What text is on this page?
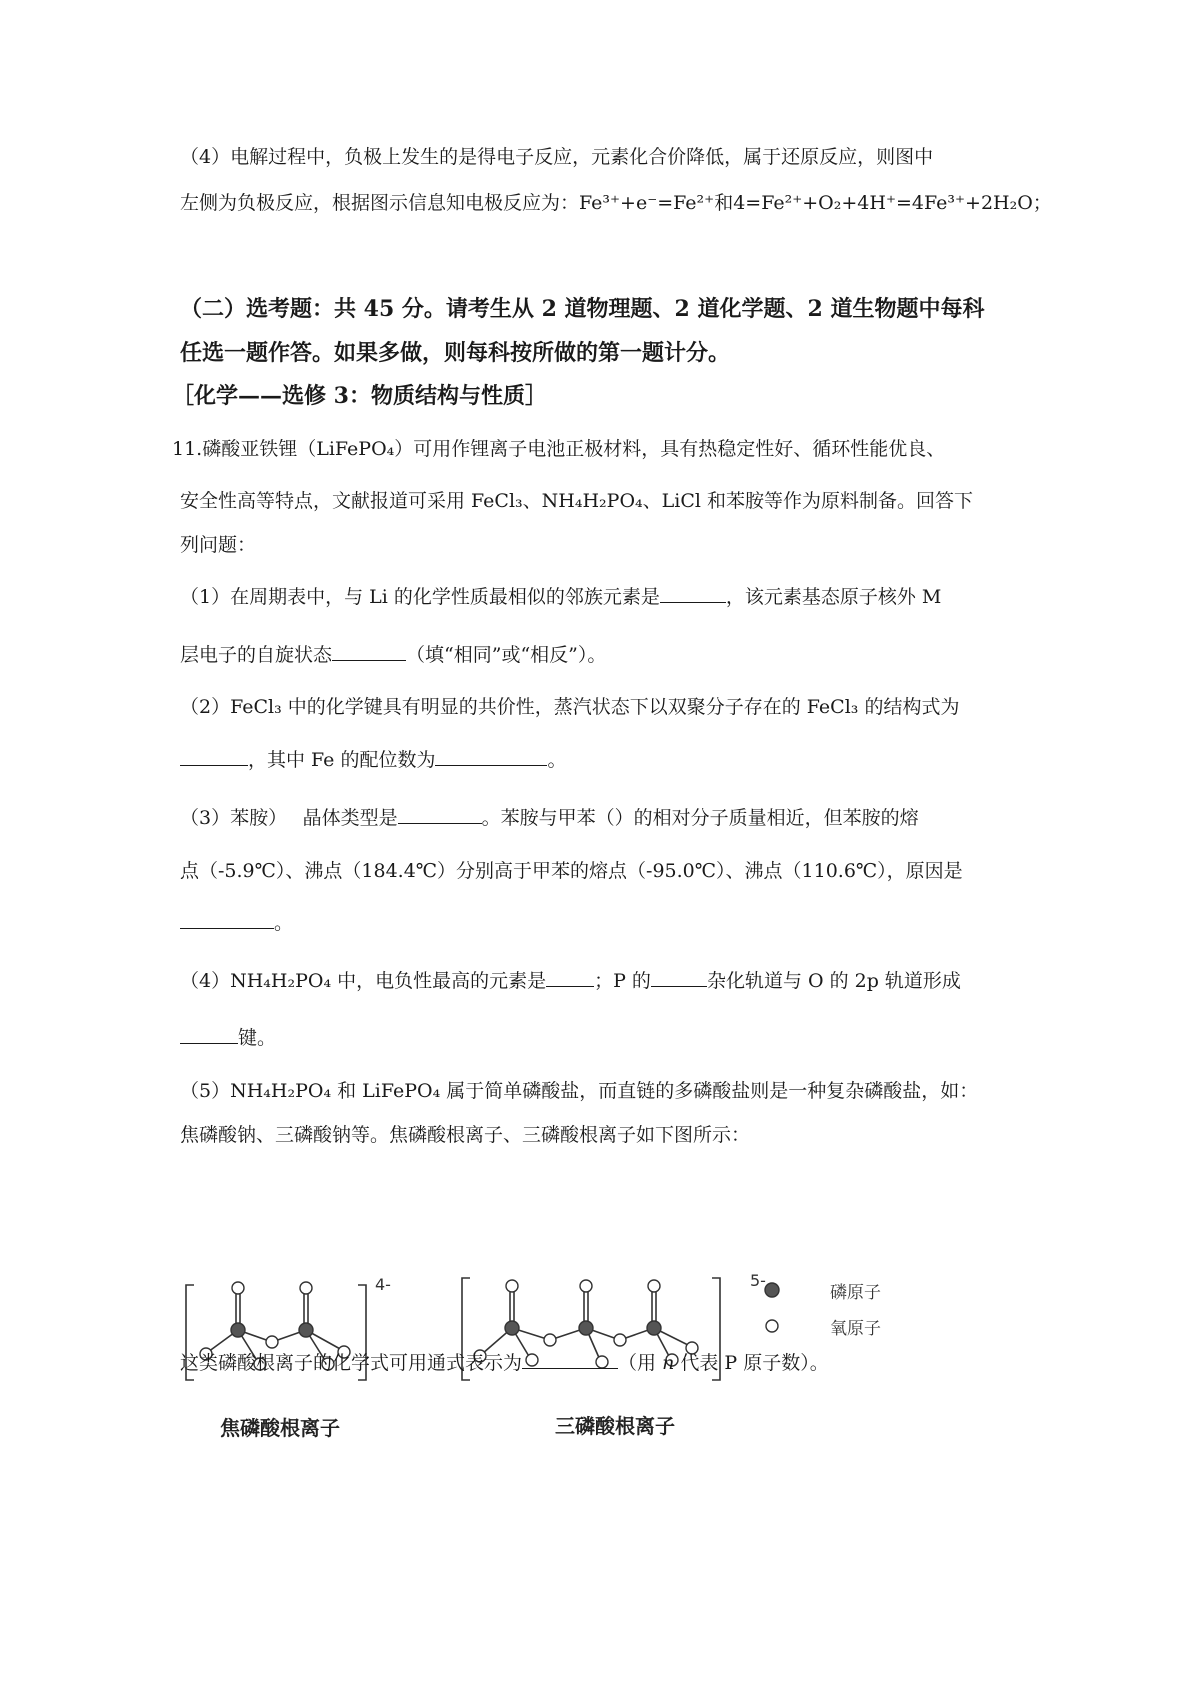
（4）电解过程中，负极上发生的是得电子反应，元素化合价降低，属于还原反应，则图中
左侧为负极反应，根据图示信息知电极反应为：Fe³⁺+e⁻=Fe²⁺和4=Fe²⁺+O₂+4H⁺=4Fe³⁺+2H₂O；
（二）选考题：共 45 分。请考生从 2 道物理题、2 道化学题、2 道生物题中每科
任选一题作答。如果多做，则每科按所做的第一题计分。
［化学——选修 3：物质结构与性质］
11.磷酸亚铁锂（LiFePO₄）可用作锂离子电池正极材料，具有热稳定性好、循环性能优良、
安全性高等特点，文献报道可采用 FeCl₃、NH₄H₂PO₄、LiCl 和苯胺等作为原料制备。回答下
列问题：
（1）在周期表中，与 Li 的化学性质最相似的邻族元素是	，该元素基态原子核外 M
层电子的自旋状态	（填“相同”或“相反”）。
（2）FeCl₃ 中的化学键具有明显的共价性，蒸汽状态下以双聚分子存在的 FeCl₃ 的结构式为
，其中 Fe 的配位数为	。
（3）苯胺）　 晶体类型是	。苯胺与甲苯（）的相对分子质量相近，但苯胺的熔
点（-5.9℃）、沸点（184.4℃）分别高于甲苯的熔点（-95.0℃）、沸点（110.6℃），原因是
。
（4）NH₄H₂PO₄ 中，电负性最高的元素是	；P 的	杂化轨道与 O 的 2p 轨道形成
键。
（5）NH₄H₂PO₄ 和 LiFePO₄ 属于简单磷酸盐，而直链的多磷酸盐则是一种复杂磷酸盐，如：
焦磷酸钠、三磷酸钠等。焦磷酸根离子、三磷酸根离子如下图所示：
4-	5-
焦磷酸根离子	三磷酸根离子
磷原子
氧原子
这类磷酸根离子的化学式可用通式表示为	（用 n 代表 P 原子数）。
